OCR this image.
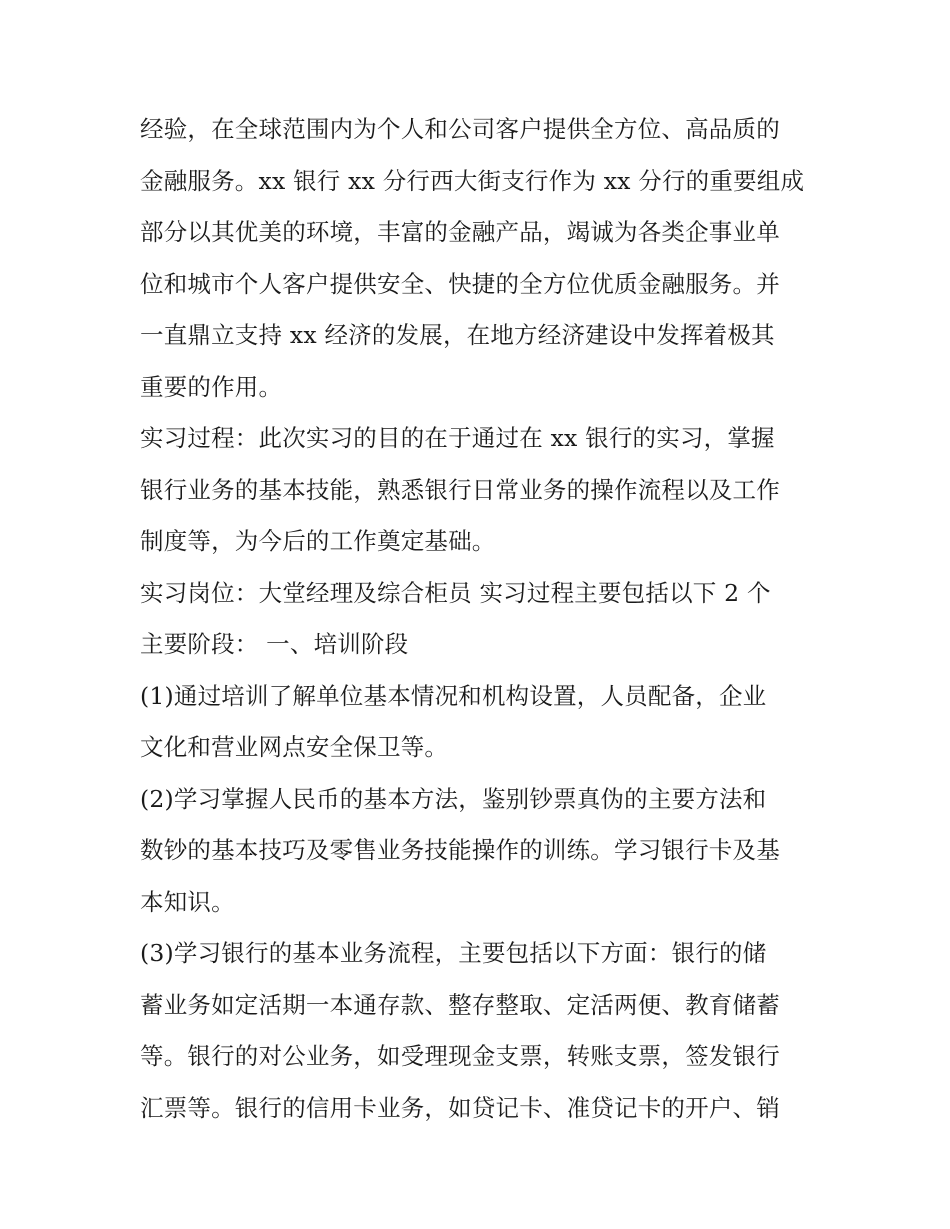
经验，在全球范围内为个人和公司客户提供全方位、高品质的
金融服务。xx 银行 xx 分行西大街支行作为 xx 分行的重要组成
部分以其优美的环境，丰富的金融产品，竭诚为各类企事业单
位和城市个人客户提供安全、快捷的全方位优质金融服务。并
一直鼎立支持 xx 经济的发展，在地方经济建设中发挥着极其
重要的作用。
实习过程：此次实习的目的在于通过在 xx 银行的实习，掌握
银行业务的基本技能，熟悉银行日常业务的操作流程以及工作
制度等，为今后的工作奠定基础。
实习岗位：大堂经理及综合柜员 实习过程主要包括以下 2 个
主要阶段： 一、培训阶段
(1)通过培训了解单位基本情况和机构设置，人员配备，企业
文化和营业网点安全保卫等。
(2)学习掌握人民币的基本方法，鉴别钞票真伪的主要方法和
数钞的基本技巧及零售业务技能操作的训练。学习银行卡及基
本知识。
(3)学习银行的基本业务流程，主要包括以下方面：银行的储
蓄业务如定活期一本通存款、整存整取、定活两便、教育储蓄
等。银行的对公业务，如受理现金支票，转账支票，签发银行
汇票等。银行的信用卡业务，如贷记卡、准贷记卡的开户、销
